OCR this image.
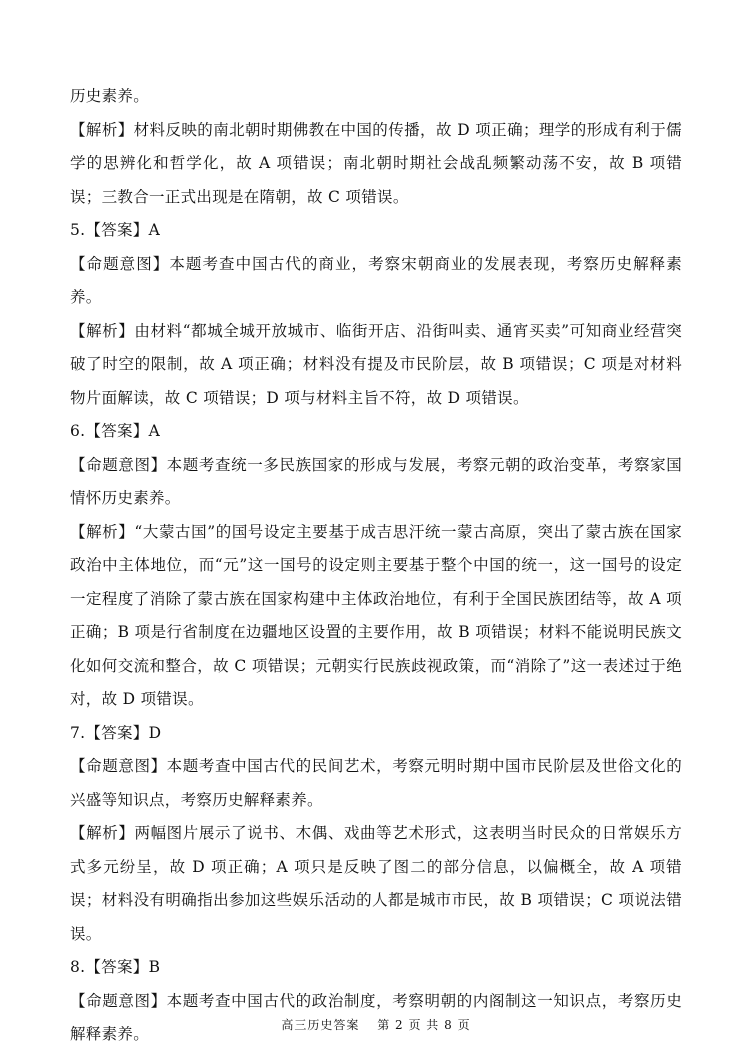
历史素养。

【解析】材料反映的南北朝时期佛教在中国的传播，故 D 项正确；理学的形成有利于儒学的思辨化和哲学化，故 A 项错误；南北朝时期社会战乱频繁动荡不安，故 B 项错误；三教合一正式出现是在隋朝，故 C 项错误。

5.【答案】A

【命题意图】本题考查中国古代的商业，考察宋朝商业的发展表现，考察历史解释素养。

【解析】由材料“都城全城开放城市、临街开店、沿街叫卖、通宵买卖”可知商业经营突破了时空的限制，故 A 项正确；材料没有提及市民阶层，故 B 项错误；C 项是对材料物片面解读，故 C 项错误；D 项与材料主旨不符，故 D 项错误。

6.【答案】A

【命题意图】本题考查统一多民族国家的形成与发展，考察元朝的政治变革，考察家国情怀历史素养。

【解析】“大蒙古国”的国号设定主要基于成吉思汗统一蒙古高原，突出了蒙古族在国家政治中主体地位，而“元”这一国号的设定则主要基于整个中国的统一，这一国号的设定一定程度了消除了蒙古族在国家构建中主体政治地位，有利于全国民族团结等，故 A 项正确；B 项是行省制度在边疆地区设置的主要作用，故 B 项错误；材料不能说明民族文化如何交流和整合，故 C 项错误；元朝实行民族歧视政策，而“消除了”这一表述过于绝对，故 D 项错误。

7.【答案】D

【命题意图】本题考查中国古代的民间艺术，考察元明时期中国市民阶层及世俗文化的兴盛等知识点，考察历史解释素养。

【解析】两幅图片展示了说书、木偶、戏曲等艺术形式，这表明当时民众的日常娱乐方式多元纷呈，故 D 项正确；A 项只是反映了图二的部分信息，以偏概全，故 A 项错误；材料没有明确指出参加这些娱乐活动的人都是城市市民，故 B 项错误；C 项说法错误。

8.【答案】B

【命题意图】本题考查中国古代的政治制度，考察明朝的内阁制这一知识点，考察历史解释素养。	高三历史答案　 第 2 页 共 8 页
